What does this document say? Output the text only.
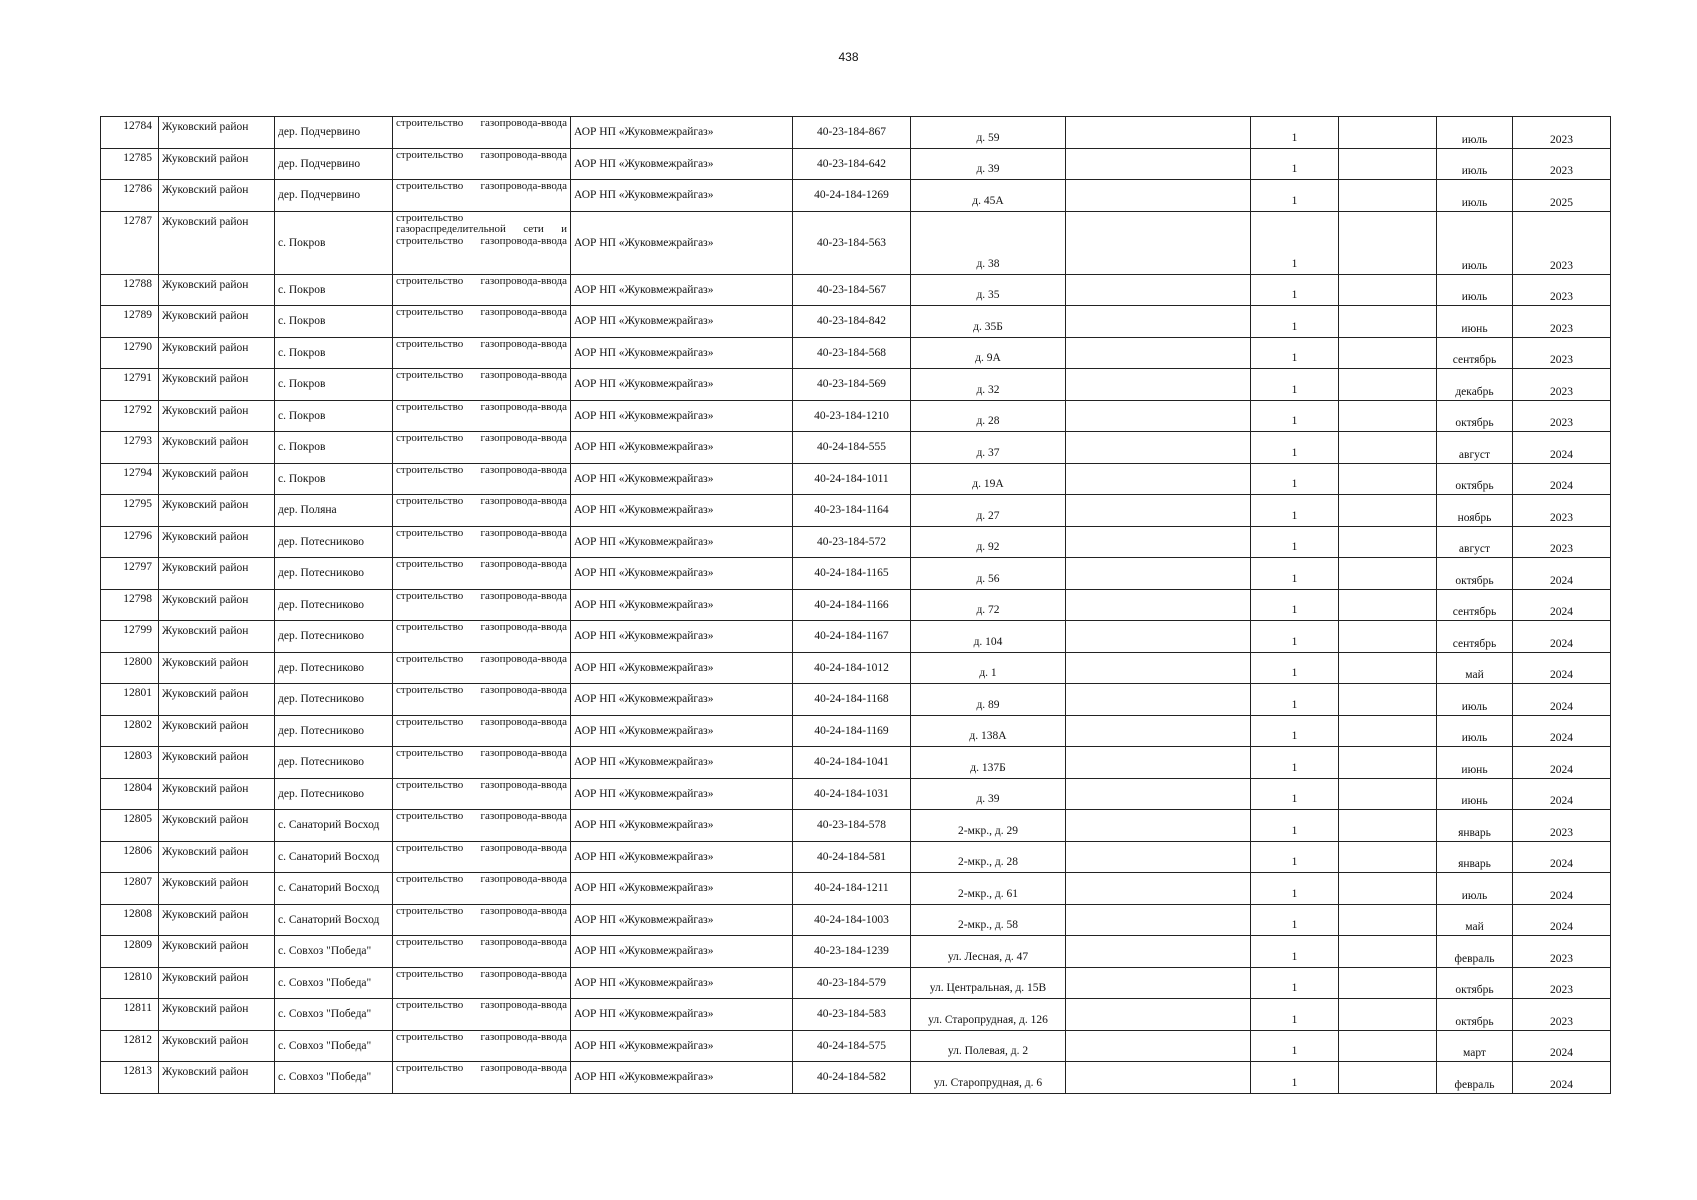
438
12784	Жуковский район	дер. Подчервино	строительство газопровода-ввода	АОР НП «Жуковмежрайгаз»	40-23-184-867	д. 59		1		июль	2023
12785	Жуковский район	дер. Подчервино	строительство газопровода-ввода	АОР НП «Жуковмежрайгаз»	40-23-184-642	д. 39		1		июль	2023
12786	Жуковский район	дер. Подчервино	строительство газопровода-ввода	АОР НП «Жуковмежрайгаз»	40-24-184-1269	д. 45А		1		июль	2025
12787	Жуковский район	с. Покров	строительство газораспределительной сети и строительство газопровода-ввода	АОР НП «Жуковмежрайгаз»	40-23-184-563	д. 38		1		июль	2023
12788	Жуковский район	с. Покров	строительство газопровода-ввода	АОР НП «Жуковмежрайгаз»	40-23-184-567	д. 35		1		июль	2023
12789	Жуковский район	с. Покров	строительство газопровода-ввода	АОР НП «Жуковмежрайгаз»	40-23-184-842	д. 35Б		1		июнь	2023
12790	Жуковский район	с. Покров	строительство газопровода-ввода	АОР НП «Жуковмежрайгаз»	40-23-184-568	д. 9А		1		сентябрь	2023
12791	Жуковский район	с. Покров	строительство газопровода-ввода	АОР НП «Жуковмежрайгаз»	40-23-184-569	д. 32		1		декабрь	2023
12792	Жуковский район	с. Покров	строительство газопровода-ввода	АОР НП «Жуковмежрайгаз»	40-23-184-1210	д. 28		1		октябрь	2023
12793	Жуковский район	с. Покров	строительство газопровода-ввода	АОР НП «Жуковмежрайгаз»	40-24-184-555	д. 37		1		август	2024
12794	Жуковский район	с. Покров	строительство газопровода-ввода	АОР НП «Жуковмежрайгаз»	40-24-184-1011	д. 19А		1		октябрь	2024
12795	Жуковский район	дер. Поляна	строительство газопровода-ввода	АОР НП «Жуковмежрайгаз»	40-23-184-1164	д. 27		1		ноябрь	2023
12796	Жуковский район	дер. Потесниково	строительство газопровода-ввода	АОР НП «Жуковмежрайгаз»	40-23-184-572	д. 92		1		август	2023
12797	Жуковский район	дер. Потесниково	строительство газопровода-ввода	АОР НП «Жуковмежрайгаз»	40-24-184-1165	д. 56		1		октябрь	2024
12798	Жуковский район	дер. Потесниково	строительство газопровода-ввода	АОР НП «Жуковмежрайгаз»	40-24-184-1166	д. 72		1		сентябрь	2024
12799	Жуковский район	дер. Потесниково	строительство газопровода-ввода	АОР НП «Жуковмежрайгаз»	40-24-184-1167	д. 104		1		сентябрь	2024
12800	Жуковский район	дер. Потесниково	строительство газопровода-ввода	АОР НП «Жуковмежрайгаз»	40-24-184-1012	д. 1		1		май	2024
12801	Жуковский район	дер. Потесниково	строительство газопровода-ввода	АОР НП «Жуковмежрайгаз»	40-24-184-1168	д. 89		1		июль	2024
12802	Жуковский район	дер. Потесниково	строительство газопровода-ввода	АОР НП «Жуковмежрайгаз»	40-24-184-1169	д. 138А		1		июль	2024
12803	Жуковский район	дер. Потесниково	строительство газопровода-ввода	АОР НП «Жуковмежрайгаз»	40-24-184-1041	д. 137Б		1		июнь	2024
12804	Жуковский район	дер. Потесниково	строительство газопровода-ввода	АОР НП «Жуковмежрайгаз»	40-24-184-1031	д. 39		1		июнь	2024
12805	Жуковский район	с. Санаторий Восход	строительство газопровода-ввода	АОР НП «Жуковмежрайгаз»	40-23-184-578	2-мкр., д. 29		1		январь	2023
12806	Жуковский район	с. Санаторий Восход	строительство газопровода-ввода	АОР НП «Жуковмежрайгаз»	40-24-184-581	2-мкр., д. 28		1		январь	2024
12807	Жуковский район	с. Санаторий Восход	строительство газопровода-ввода	АОР НП «Жуковмежрайгаз»	40-24-184-1211	2-мкр., д. 61		1		июль	2024
12808	Жуковский район	с. Санаторий Восход	строительство газопровода-ввода	АОР НП «Жуковмежрайгаз»	40-24-184-1003	2-мкр., д. 58		1		май	2024
12809	Жуковский район	с. Совхоз "Победа"	строительство газопровода-ввода	АОР НП «Жуковмежрайгаз»	40-23-184-1239	ул. Лесная, д. 47		1		февраль	2023
12810	Жуковский район	с. Совхоз "Победа"	строительство газопровода-ввода	АОР НП «Жуковмежрайгаз»	40-23-184-579	ул. Центральная, д. 15В		1		октябрь	2023
12811	Жуковский район	с. Совхоз "Победа"	строительство газопровода-ввода	АОР НП «Жуковмежрайгаз»	40-23-184-583	ул. Старопрудная, д. 126		1		октябрь	2023
12812	Жуковский район	с. Совхоз "Победа"	строительство газопровода-ввода	АОР НП «Жуковмежрайгаз»	40-24-184-575	ул. Полевая, д. 2		1		март	2024
12813	Жуковский район	с. Совхоз "Победа"	строительство газопровода-ввода	АОР НП «Жуковмежрайгаз»	40-24-184-582	ул. Старопрудная, д. 6		1		февраль	2024
